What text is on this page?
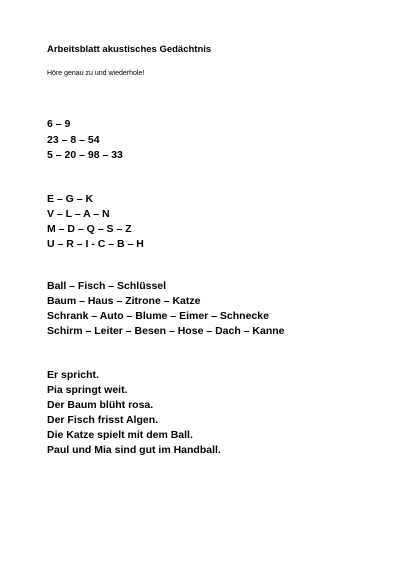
Arbeitsblatt akustisches Gedächtnis
Höre genau zu und wiederhole!
6 – 9
23 – 8 – 54
5 – 20 – 98 – 33
E – G – K
V – L – A – N
M – D – Q – S – Z
U – R – I - C – B – H
Ball – Fisch – Schlüssel
Baum – Haus – Zitrone – Katze
Schrank – Auto – Blume – Eimer – Schnecke
Schirm – Leiter – Besen – Hose – Dach – Kanne
Er spricht.
Pia springt weit.
Der Baum blüht rosa.
Der Fisch frisst Algen.
Die Katze spielt mit dem Ball.
Paul und Mia sind gut im Handball.
